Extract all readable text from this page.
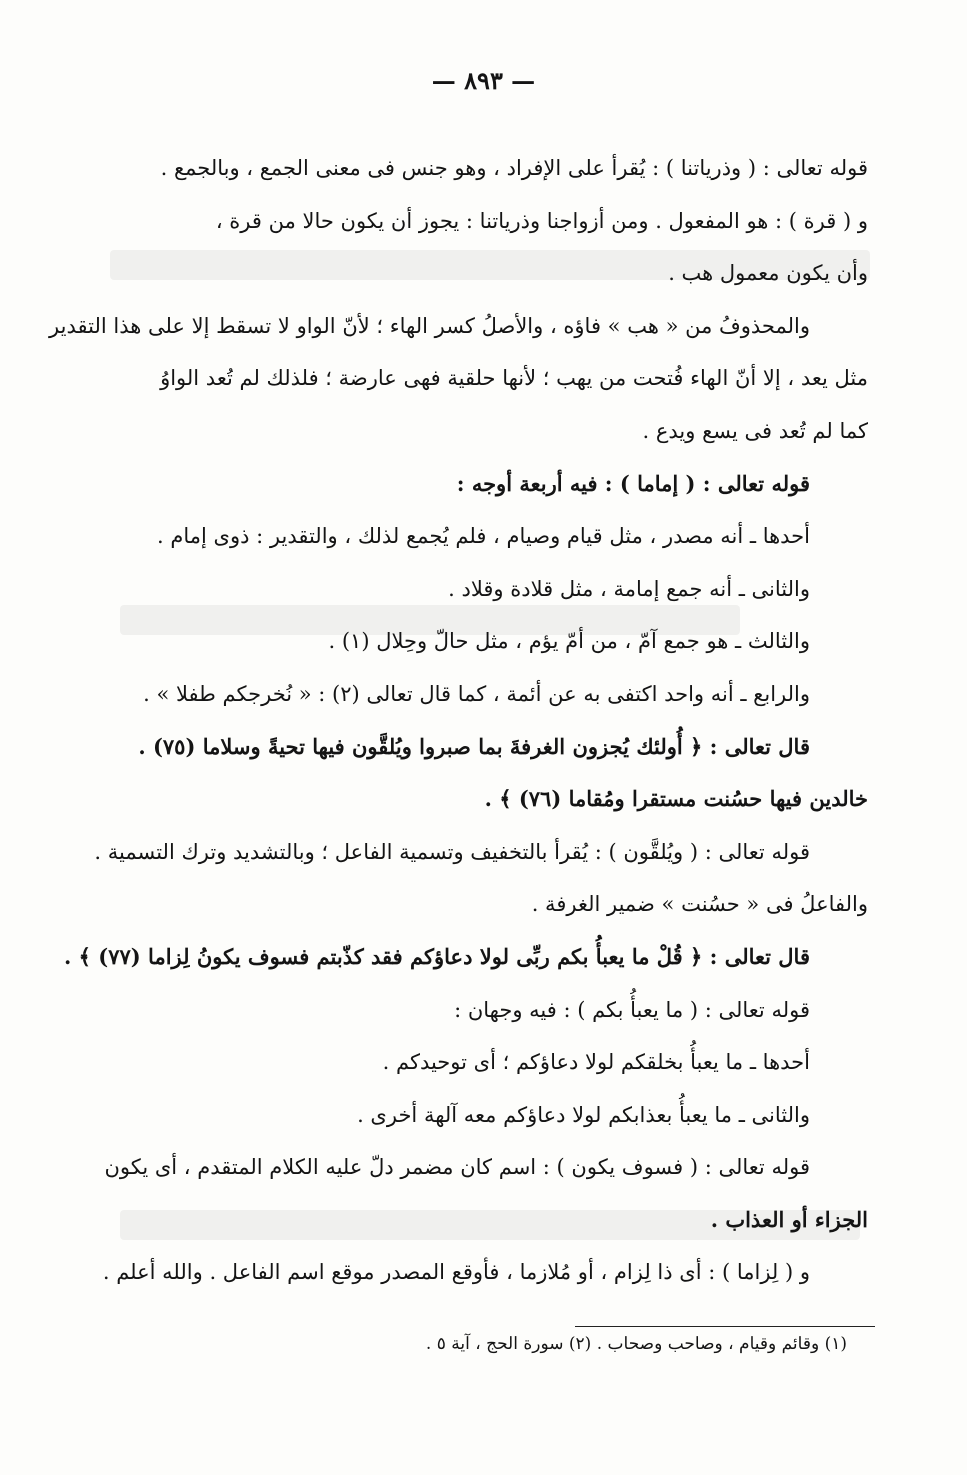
— ٨٩٣ —
قوله تعالى : ( وذرياتنا ) : يُقرأ على الإفراد ، وهو جنس فى معنى الجمع ، وبالجمع .
و ( قرة ) : هو المفعول . ومن أزواجنا وذرياتنا : يجوز أن يكون حالا من قرة ،
وأن يكون معمول هب .
والمحذوفُ من « هب » فاؤه ، والأصلُ كسر الهاء ؛ لأنّ الواو لا تسقط إلا على هذا التقدير
مثل يعد ، إلا أنّ الهاء فُتحت من يهب ؛ لأنها حلقية فهى عارضة ؛ فلذلك لم تُعد الواوُ
كما لم تُعد فى يسع ويدع .
قوله تعالى : ( إماما ) : فيه أربعة أوجه :
أحدها ـ أنه مصدر ، مثل قيام وصيام ، فلم يُجمع لذلك ، والتقدير : ذوى إمام .
والثانى ـ أنه جمع إمامة ، مثل قلادة وقلاد .
والثالث ـ هو جمع آمّ ، من أمّ يؤم ، مثل حالّ وحِلال (١) .
والرابع ـ أنه واحد اكتفى به عن أئمة ، كما قال تعالى (٢) : « نُخرجكم طفلا » .
قال تعالى : ﴿ أُولئك يُجزون الغرفةَ بما صبروا ويُلقَّون فيها تحيةً وسلاما (٧٥) .
خالدين فيها حسُنت مستقرا ومُقاما (٧٦) ﴾ .
قوله تعالى : ( ويُلقَّون ) : يُقرأ بالتخفيف وتسمية الفاعل ؛ وبالتشديد وترك التسمية .
والفاعلُ فى « حسُنت » ضمير الغرفة .
قال تعالى : ﴿ قُلْ ما يعبأُ بكم ربِّى لولا دعاؤكم فقد كذّبتم فسوف يكونُ لِزاما (٧٧) ﴾ .
قوله تعالى : ( ما يعبأُ بكم ) : فيه وجهان :
أحدها ـ ما يعبأُ بخلقكم لولا دعاؤكم ؛ أى توحيدكم .
والثانى ـ ما يعبأُ بعذابكم لولا دعاؤكم معه آلهة أخرى .
قوله تعالى : ( فسوف يكون ) : اسم كان مضمر دلّ عليه الكلام المتقدم ، أى يكون
الجزاء أو العذاب .
و ( لِزاما ) : أى ذا لِزام ، أو مُلازما ، فأوقع المصدر موقع اسم الفاعل . والله أعلم .
(١) وقائم وقيام ، وصاحب وصحاب . (٢) سورة الحج ، آية ٥ .
